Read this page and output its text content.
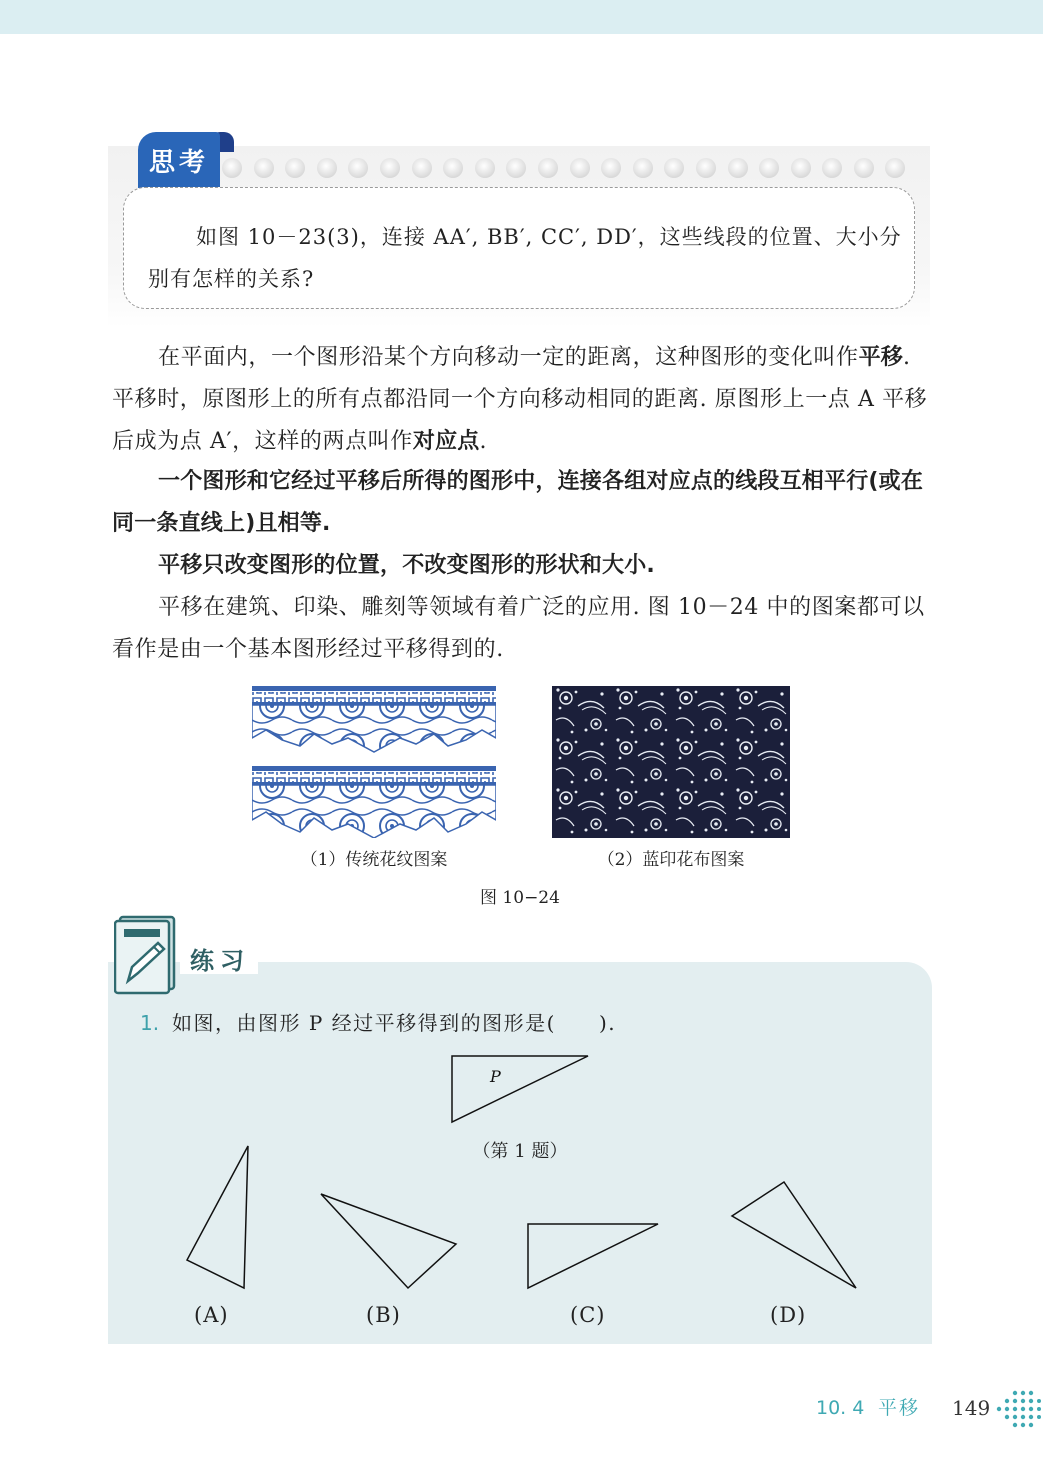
思考
如图 10－23(3)，连接 AA′, BB′, CC′, DD′，这些线段的位置、大小分
别有怎样的关系?
在平面内，一个图形沿某个方向移动一定的距离，这种图形的变化叫作平移.平移时，原图形上的所有点都沿同一个方向移动相同的距离. 原图形上一点 A 平移后成为点 A′，这样的两点叫作对应点.
一个图形和它经过平移后所得的图形中，连接各组对应点的线段互相平行(或在同一条直线上)且相等.
平移只改变图形的位置，不改变图形的形状和大小.
平移在建筑、印染、雕刻等领域有着广泛的应用. 图 10－24 中的图案都可以看作是由一个基本图形经过平移得到的.
（1）传统花纹图案	（2）蓝印花布图案
图 10−24
练习
1. 如图，由图形 P 经过平移得到的图形是(　　).
P
（第 1 题）
(A)	(B)	(C)	(D)
10. 4 平移 149
